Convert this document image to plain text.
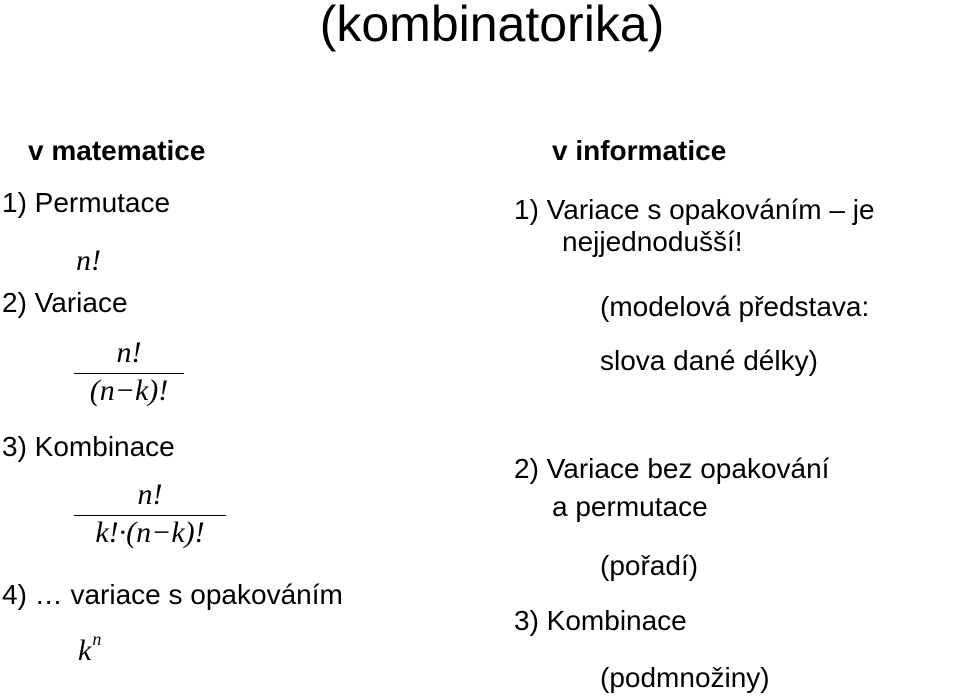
(kombinatorika)
v matematice
1) Permutace
n!
2) Variace
n!
(n−k)!
3) Kombinace
n!
k!·(n−k)!
4) … variace s opakováním
$k^n$
v informatice
1) Variace s opakováním – je
nejjednodušší!
(modelová představa:
slova dané délky)
2) Variace bez opakování
a permutace
(pořadí)
3) Kombinace
(podmnožiny)
